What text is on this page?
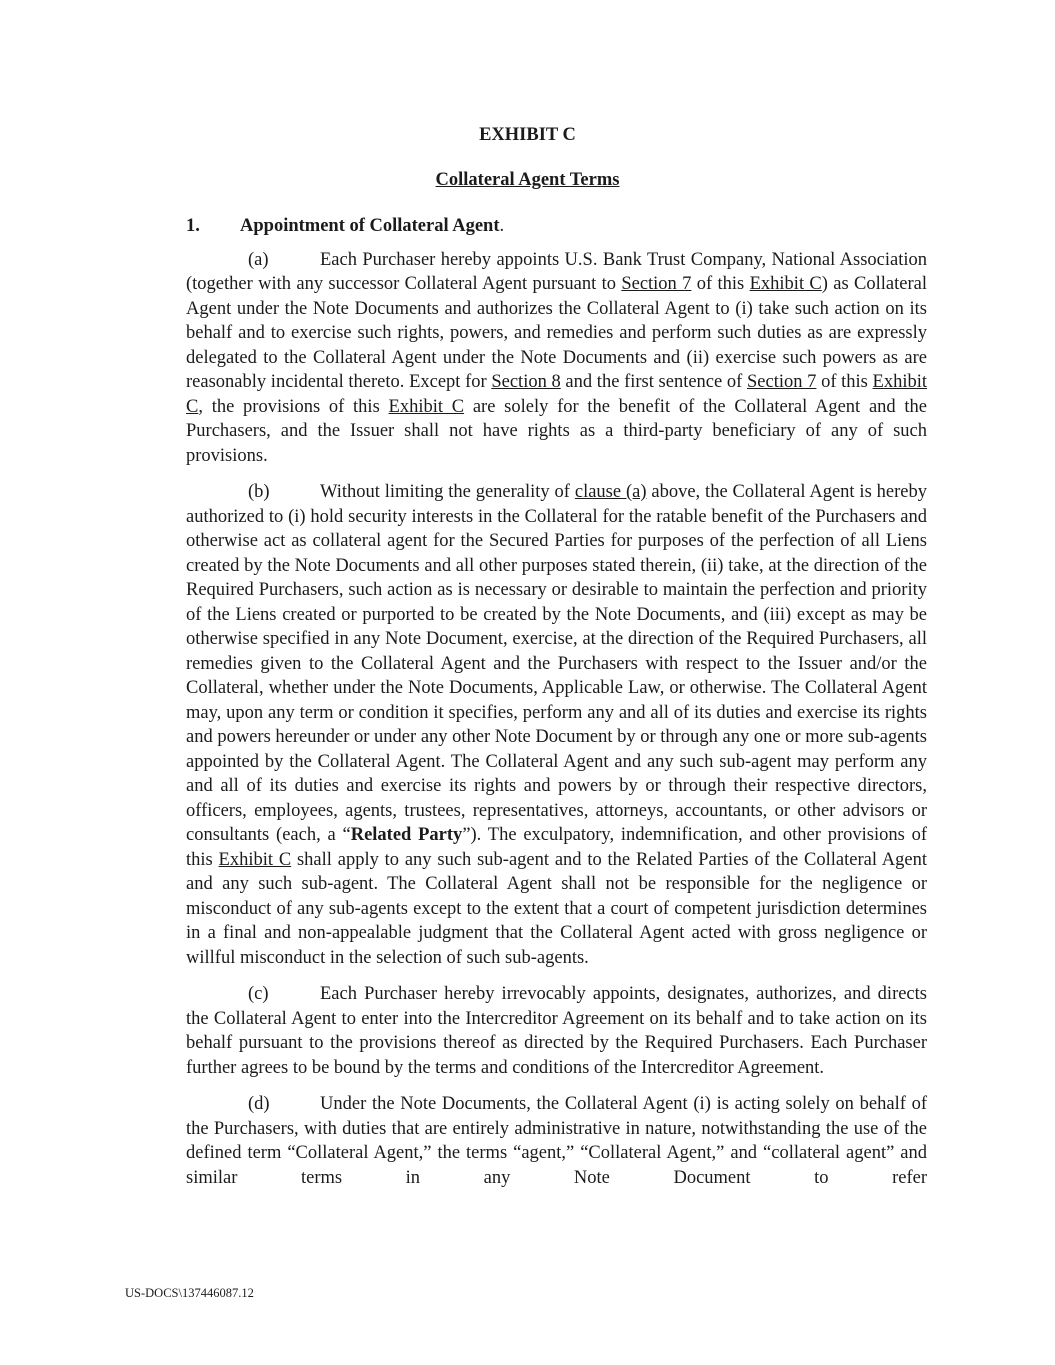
EXHIBIT C
Collateral Agent Terms

1. Appointment of Collateral Agent.

(a)	Each Purchaser hereby appoints U.S. Bank Trust Company, National Association (together with any successor Collateral Agent pursuant to Section 7 of this Exhibit C) as Collateral Agent under the Note Documents and authorizes the Collateral Agent to (i) take such action on its behalf and to exercise such rights, powers, and remedies and perform such duties as are expressly delegated to the Collateral Agent under the Note Documents and (ii) exercise such powers as are reasonably incidental thereto. Except for Section 8 and the first sentence of Section 7 of this Exhibit C, the provisions of this Exhibit C are solely for the benefit of the Collateral Agent and the Purchasers, and the Issuer shall not have rights as a third-party beneficiary of any of such provisions.

(b)	Without limiting the generality of clause (a) above, the Collateral Agent is hereby authorized to (i) hold security interests in the Collateral for the ratable benefit of the Purchasers and otherwise act as collateral agent for the Secured Parties for purposes of the perfection of all Liens created by the Note Documents and all other purposes stated therein, (ii) take, at the direction of the Required Purchasers, such action as is necessary or desirable to maintain the perfection and priority of the Liens created or purported to be created by the Note Documents, and (iii) except as may be otherwise specified in any Note Document, exercise, at the direction of the Required Purchasers, all remedies given to the Collateral Agent and the Purchasers with respect to the Issuer and/or the Collateral, whether under the Note Documents, Applicable Law, or otherwise. The Collateral Agent may, upon any term or condition it specifies, perform any and all of its duties and exercise its rights and powers hereunder or under any other Note Document by or through any one or more sub-agents appointed by the Collateral Agent. The Collateral Agent and any such sub-agent may perform any and all of its duties and exercise its rights and powers by or through their respective directors, officers, employees, agents, trustees, representatives, attorneys, accountants, or other advisors or consultants (each, a “Related Party”). The exculpatory, indemnification, and other provisions of this Exhibit C shall apply to any such sub-agent and to the Related Parties of the Collateral Agent and any such sub-agent. The Collateral Agent shall not be responsible for the negligence or misconduct of any sub-agents except to the extent that a court of competent jurisdiction determines in a final and non-appealable judgment that the Collateral Agent acted with gross negligence or willful misconduct in the selection of such sub-agents.

(c)	Each Purchaser hereby irrevocably appoints, designates, authorizes, and directs the Collateral Agent to enter into the Intercreditor Agreement on its behalf and to take action on its behalf pursuant to the provisions thereof as directed by the Required Purchasers. Each Purchaser further agrees to be bound by the terms and conditions of the Intercreditor Agreement.

(d)	Under the Note Documents, the Collateral Agent (i) is acting solely on behalf of the Purchasers, with duties that are entirely administrative in nature, notwithstanding the use of the defined term “Collateral Agent,” the terms “agent,” “Collateral Agent,” and “collateral agent” and similar terms in any Note Document to refer

US-DOCS\137446087.12
